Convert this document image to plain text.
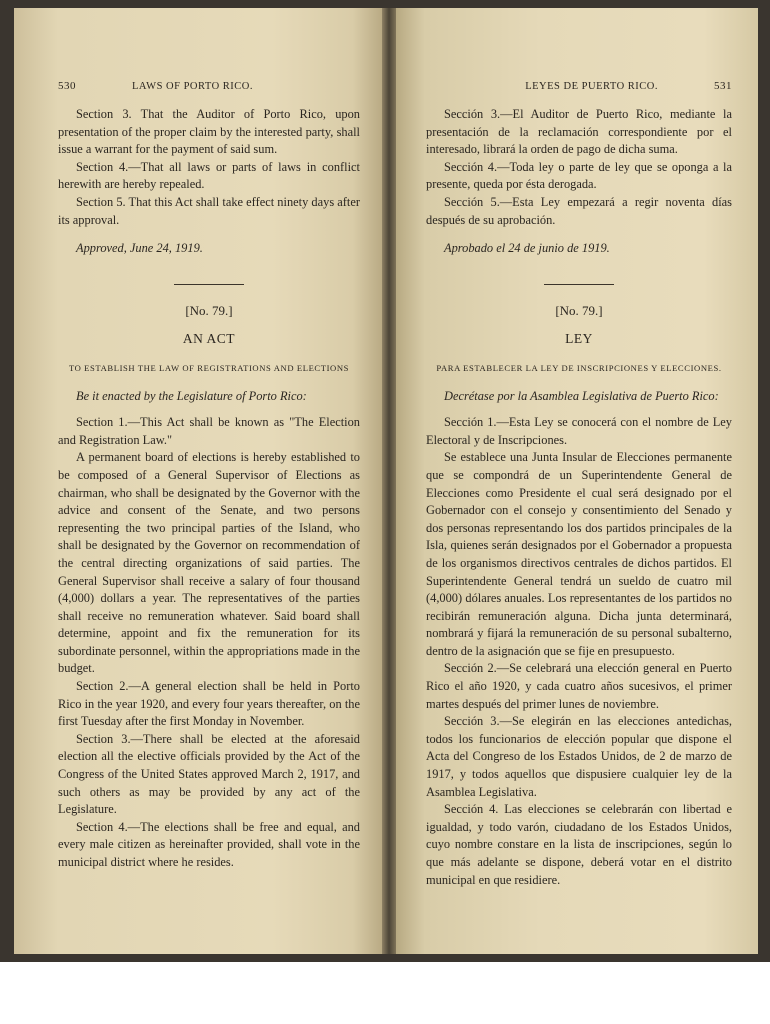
530	LAWS OF PORTO RICO.

Section 3. That the Auditor of Porto Rico, upon presentation of the proper claim by the interested party, shall issue a warrant for the payment of said sum.

Section 4.—That all laws or parts of laws in conflict herewith are hereby repealed.

Section 5. That this Act shall take effect ninety days after its approval.

Approved, June 24, 1919.
[No. 79.]
AN ACT
TO ESTABLISH THE LAW OF REGISTRATIONS AND ELECTIONS
Be it enacted by the Legislature of Porto Rico:

Section 1.—This Act shall be known as "The Election and Registration Law."

A permanent board of elections is hereby established to be composed of a General Supervisor of Elections as chairman, who shall be designated by the Governor with the advice and consent of the Senate, and two persons representing the two principal parties of the Island, who shall be designated by the Governor on recommendation of the central directing organizations of said parties. The General Supervisor shall receive a salary of four thousand (4,000) dollars a year. The representatives of the parties shall receive no remuneration whatever. Said board shall determine, appoint and fix the remuneration for its subordinate personnel, within the appropriations made in the budget.

Section 2.—A general election shall be held in Porto Rico in the year 1920, and every four years thereafter, on the first Tuesday after the first Monday in November.

Section 3.—There shall be elected at the aforesaid election all the elective officials provided by the Act of the Congress of the United States approved March 2, 1917, and such others as may be provided by any act of the Legislature.

Section 4.—The elections shall be free and equal, and every male citizen as hereinafter provided, shall vote in the municipal district where he resides.

LEYES DE PUERTO RICO.	531

Sección 3.—El Auditor de Puerto Rico, mediante la presentación de la reclamación correspondiente por el interesado, librará la orden de pago de dicha suma.

Sección 4.—Toda ley o parte de ley que se oponga a la presente, queda por ésta derogada.

Sección 5.—Esta Ley empezará a regir noventa días después de su aprobación.

Aprobado el 24 de junio de 1919.
[No. 79.]
LEY
PARA ESTABLECER LA LEY DE INSCRIPCIONES Y ELECCIONES.
Decrétase por la Asamblea Legislativa de Puerto Rico:

Sección 1.—Esta Ley se conocerá con el nombre de Ley Electoral y de Inscripciones.

Se establece una Junta Insular de Elecciones permanente que se compondrá de un Superintendente General de Elecciones como Presidente el cual será designado por el Gobernador con el consejo y consentimiento del Senado y dos personas representando los dos partidos principales de la Isla, quienes serán designados por el Gobernador a propuesta de los organismos directivos centrales de dichos partidos. El Superintendente General tendrá un sueldo de cuatro mil (4,000) dólares anuales. Los representantes de los partidos no recibirán remuneración alguna. Dicha junta determinará, nombrará y fijará la remuneración de su personal subalterno, dentro de la asignación que se fije en presupuesto.

Sección 2.—Se celebrará una elección general en Puerto Rico el año 1920, y cada cuatro años sucesivos, el primer martes después del primer lunes de noviembre.

Sección 3.—Se elegirán en las elecciones antedichas, todos los funcionarios de elección popular que dispone el Acta del Congreso de los Estados Unidos, de 2 de marzo de 1917, y todos aquellos que dispusiere cualquier ley de la Asamblea Legislativa.

Sección 4. Las elecciones se celebrarán con libertad e igualdad, y todo varón, ciudadano de los Estados Unidos, cuyo nombre constare en la lista de inscripciones, según lo que más adelante se dispone, deberá votar en el distrito municipal en que residiere.
